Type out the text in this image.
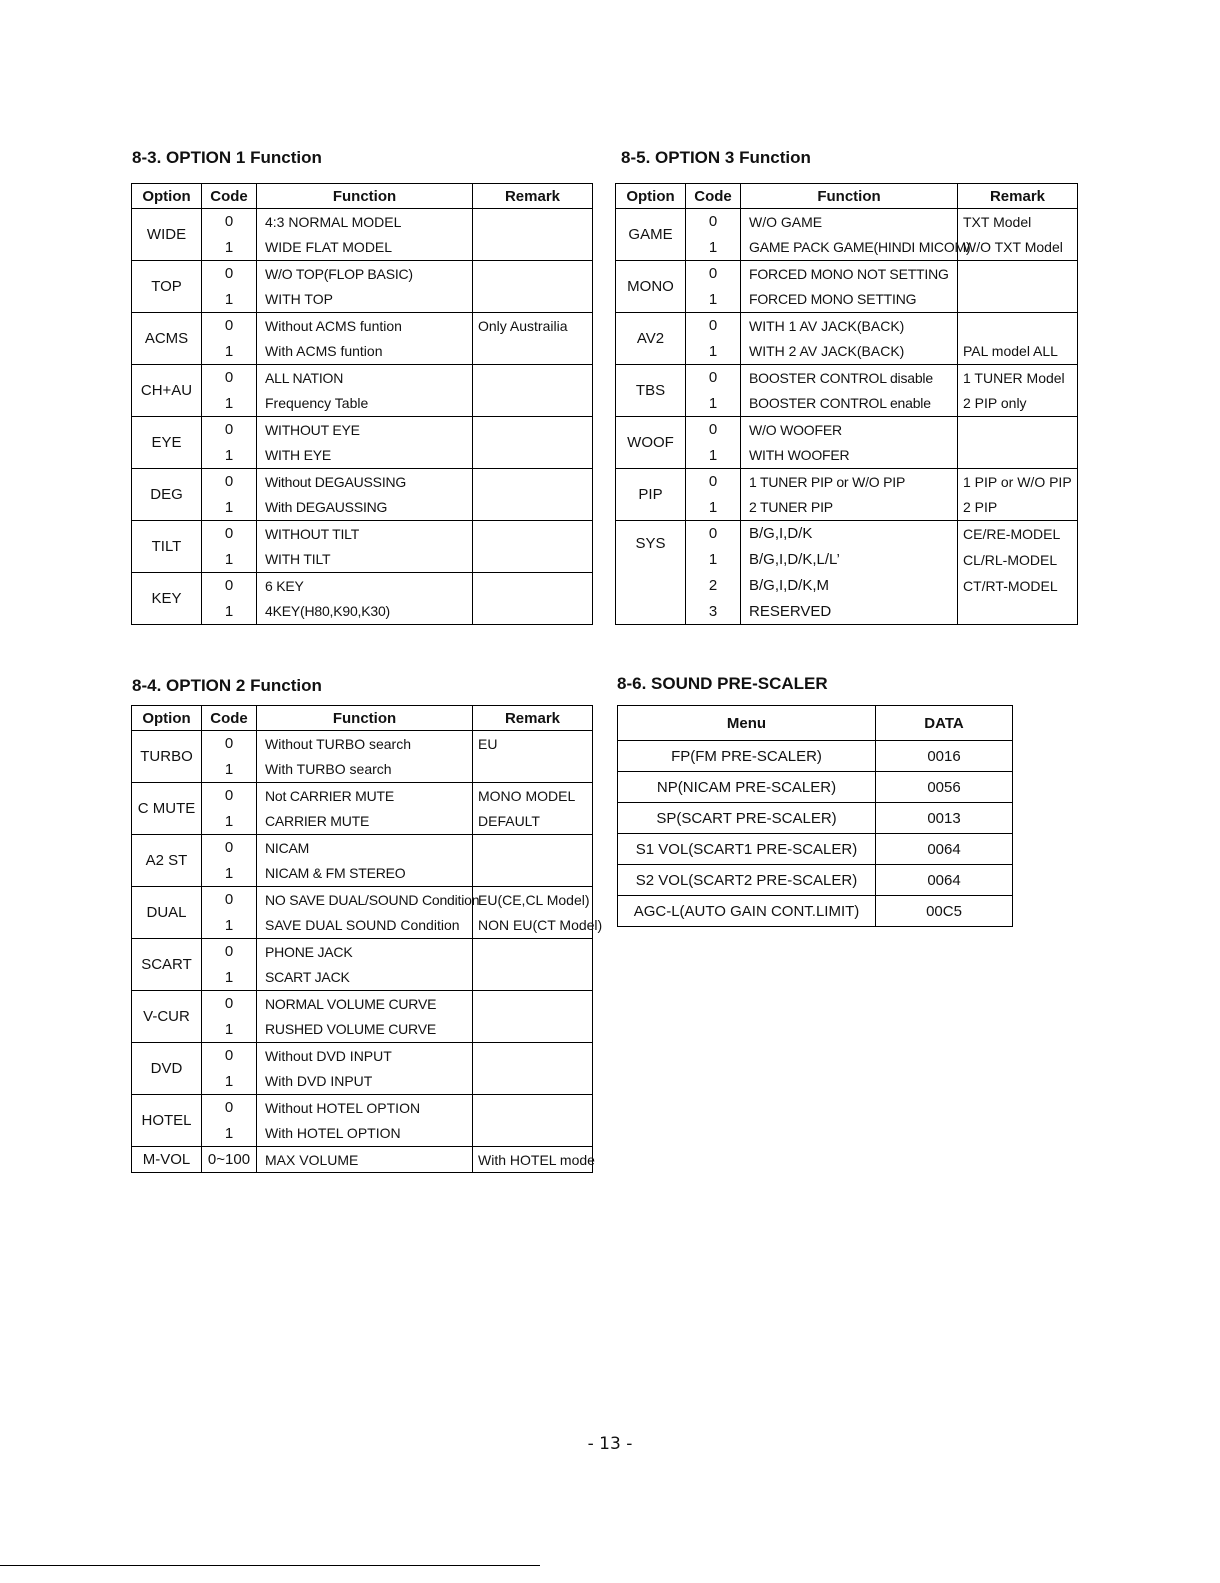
8-3. OPTION 1 Function	8-5. OPTION 3 Function
8-4. OPTION 2 Function	8-6. SOUND PRE-SCALER
Option	Code	Function	Remark
WIDE	0	4:3 NORMAL MODEL	
	1	WIDE FLAT MODEL	
TOP	0	W/O TOP(FLOP BASIC)	
	1	WITH TOP	
ACMS	0	Without ACMS funtion	Only Austrailia
	1	With ACMS funtion	
CH+AU	0	ALL NATION	
	1	Frequency Table	
EYE	0	WITHOUT EYE	
	1	WITH EYE	
DEG	0	Without DEGAUSSING	
	1	With DEGAUSSING	
TILT	0	WITHOUT TILT	
	1	WITH TILT	
KEY	0	6 KEY	
	1	4KEY(H80,K90,K30)	
Option	Code	Function	Remark
GAME	0	W/O GAME	TXT Model
	1	GAME PACK GAME(HINDI MICOM)	W/O TXT Model
MONO	0	FORCED MONO NOT SETTING	
	1	FORCED MONO SETTING	
AV2	0	WITH 1 AV JACK(BACK)	
	1	WITH 2 AV JACK(BACK)	PAL model ALL
TBS	0	BOOSTER CONTROL disable	1 TUNER Model
	1	BOOSTER CONTROL enable	2 PIP only
WOOF	0	W/O WOOFER	
	1	WITH WOOFER	
PIP	0	1 TUNER PIP or W/O PIP	1 PIP or W/O PIP
	1	2 TUNER PIP	2 PIP
SYS	0	B/G,I,D/K	CE/RE-MODEL
	1	B/G,I,D/K,L/L’	CL/RL-MODEL
	2	B/G,I,D/K,M	CT/RT-MODEL
	3	RESERVED	
Option	Code	Function	Remark
TURBO	0	Without TURBO search	EU
	1	With TURBO search	
C MUTE	0	Not CARRIER MUTE	MONO MODEL
	1	CARRIER MUTE	DEFAULT
A2 ST	0	NICAM	
	1	NICAM & FM STEREO	
DUAL	0	NO SAVE DUAL/SOUND Condition	EU(CE,CL Model)
	1	SAVE DUAL SOUND Condition	NON EU(CT Model)
SCART	0	PHONE JACK	
	1	SCART JACK	
V-CUR	0	NORMAL VOLUME CURVE	
	1	RUSHED VOLUME CURVE	
DVD	0	Without DVD INPUT	
	1	With DVD INPUT	
HOTEL	0	Without HOTEL OPTION	
	1	With HOTEL OPTION	
M-VOL	0~100	MAX VOLUME	With HOTEL mode
Menu	DATA
FP(FM PRE-SCALER)	0016
NP(NICAM PRE-SCALER)	0056
SP(SCART PRE-SCALER)	0013
S1 VOL(SCART1 PRE-SCALER)	0064
S2 VOL(SCART2 PRE-SCALER)	0064
AGC-L(AUTO GAIN CONT.LIMIT)	00C5
- 13 -
